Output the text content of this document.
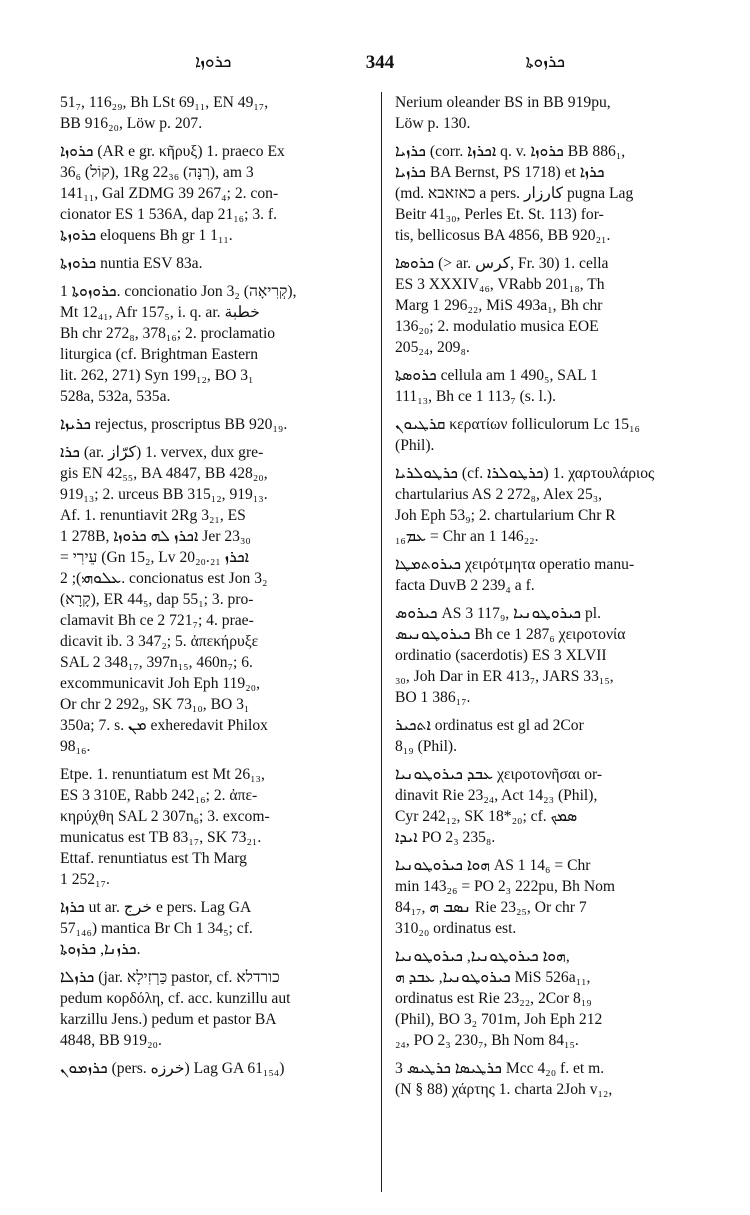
ܟܪܘܙܐ	344	ܟܪܙܘܬܐ

51₇, 116₂₉, Bh LSt 69₁₁, EN 49₁₇,
BB 916₂₀, Löw p. 207.

ܟܪܘܙܐ (AR e gr. κῆρυξ) 1. praeco Ex
36₆ (קוֹל), 1Rg 22₃₆ (רִנָּה), am 3
141₁₁, Gal ZDMG 39 267₄; 2. con-
cionator ES 1 536A, dap 21₁₆; 3. f.
ܟܪܘܙܬܐ eloquens Bh gr 1 1₁₁.

ܟܪܘܙܬܐ nuntia ESV 83a.

ܟܪܘܙܘܬܐ 1. concionatio Jon 3₂ (קְרִיאָה),
Mt 12₄₁, Afr 157₅, i. q. ar. خطبة
Bh chr 272₈, 378₁₆; 2. proclamatio
liturgica (cf. Brightman Eastern
lit. 262, 271) Syn 199₁₂, BO 3₁
528a, 532a, 535a.

ܟܪܝܙܐ rejectus, proscriptus BB 920₁₉.

ܟܪܐ (ar. كرّاز) 1. vervex, dux gre-
gis EN 42₅₅, BA 4847, BB 428₂₀,
919₁₃; 2. urceus BB 315₁₂, 919₁₃.
Af. 1. renuntiavit 2Rg 3₂₁, ES
1 278B, ܐܟܪܙ ܠܗ ܟܪܘܙܐ Jer 23₃₀
= עֵירִי (Gn 15₂, Lv 20₂₀.₂₁ ܐܟܪܙ
ܥܠܘܗܝ); 2. concionatus est Jon 3₂
(קָרָא), ER 44₅, dap 55₁; 3. pro-
clamavit Bh ce 2 721₇; 4. prae-
dicavit ib. 3 347₂; 5. ἀπεκήρυξε
SAL 2 348₁₇, 397n₁₅, 460n₇; 6.
excommunicavit Joh Eph 119₂₀,
Or chr 2 292₉, SK 73₁₀, BO 3₁
350a; 7. s. ܡܢ exheredavit Philox
98₁₆.

Etpe. 1. renuntiatum est Mt 26₁₃,
ES 3 310E, Rabb 242₁₆; 2. ἀπε-
κηρύχθη SAL 2 307n₆; 3. excom-
municatus est TB 83₁₇, SK 73₂₁.
Ettaf. renuntiatus est Th Marg
1 252₁₇.

ܟܪܙܐ ut ar. خرج e pers. Lag GA
57₁₄₆) mantica Br Ch 1 34₅; cf.
ܟܪܙܢܐ, ܟܪܙܘܬܐ.

ܟܪܙܠܐ (jar. כַּרְזִילָא pastor, cf. כורדלא
pedum κορδόλη, cf. acc. kunzillu aut
karzillu Jens.) pedum et pastor BA
4848, BB 919₂₀.

ܟܪܙܡܘܢ (pers. خرزه) Lag GA 61₁₅₄)

Nerium oleander BS in BB 919pu,
Löw p. 130.

ܟܪܙܝܐ (corr. ܐܟܪܙܐ q. v. ܟܪܘܙܐ BB 886₁,
ܟܪܙܝܐ BA Bernst, PS 1718) et ܟܪܙܐ
(md. כאזאבא a pers. کارزار pugna Lag
Beitr 41₃₀, Perles Et. St. 113) for-
tis, bellicosus BA 4856, BB 920₂₁.

ܟܪܘܣܐ (> ar. كرس, Fr. 30) 1. cella
ES 3 XXXIV₄₆, VRabb 201₁₈, Th
Marg 1 296₂₂, MiS 493a₁, Bh chr
136₂₀; 2. modulatio musica EOE
205₂₄, 209₈.

ܟܪܘܣܬܐ cellula am 1 490₅, SAL 1
111₁₃, Bh ce 1 113₇ (s. l.).

ܩܪܛܝܘܢ κερατίων folliculorum Lc 15₁₆
(Phil).

ܟܪܛܘܠܪܝܐ (cf. ܟܪܛܘܠܪܐ) 1. χαρτουλάριος
chartularius AS 2 272₈, Alex 25₃,
Joh Eph 53₉; 2. chartularium Chr R
ܥܡ₁₆ = Chr an 1 146₂₂.

ܟܝܪܘܬܡܛܐ χειρότμητα operatio manu-
facta DuvB 2 239₄ a f.

ܟܝܪܘܣ AS 3 117₉, ܟܝܪܘܛܘܢܝܐ pl.
ܟܝܪܘܛܘܢܝܣ Bh ce 1 287₆ χειροτονία
ordinatio (sacerdotis) ES 3 XLVII
₃₀, Joh Dar in ER 413₇, JARS 33₁₅,
BO 1 386₁₇.

ܐܬܟܝܪ ordinatus est gl ad 2Cor
8₁₉ (Phil).

ܥܒܕ ܟܝܪܘܛܘܢܝܐ χειροτονῆσαι or-
dinavit Rie 23₂₄, Act 14₂₃ (Phil),
Cyr 242₁₂, SK 18*₂₀; cf. ܣܡܟ
ܐܝܕܐ PO 2₃ 235₈.

ܗܘܐ ܟܝܪܘܛܘܢܝܐ AS 1 14₆ = Chr
min 143₂₆ = PO 2₃ 222pu, Bh Nom
84₁₇, ܢܣܒ ܗ Rie 23₂₅, Or chr 7
310₂₀ ordinatus est.

ܗܘܐ ܟܝܪܘܛܘܢܝܐ, ܟܝܪܘܛܘܢܝܐ,
ܟܝܪܘܛܘܢܝܐ, ܥܒܕ ܗ MiS 526a₁₁,
ordinatus est Rie 23₂₂, 2Cor 8₁₉
(Phil), BO 3₂ 701m, Joh Eph 212
₂₄, PO 2₃ 230₇, Bh Nom 84₁₅.

ܟܪܛܝܣܐ ܟܪܛܝܣ 3 Mcc 4₂₀ f. et m.
(N § 88) χάρτης 1. charta 2Joh v₁₂,
